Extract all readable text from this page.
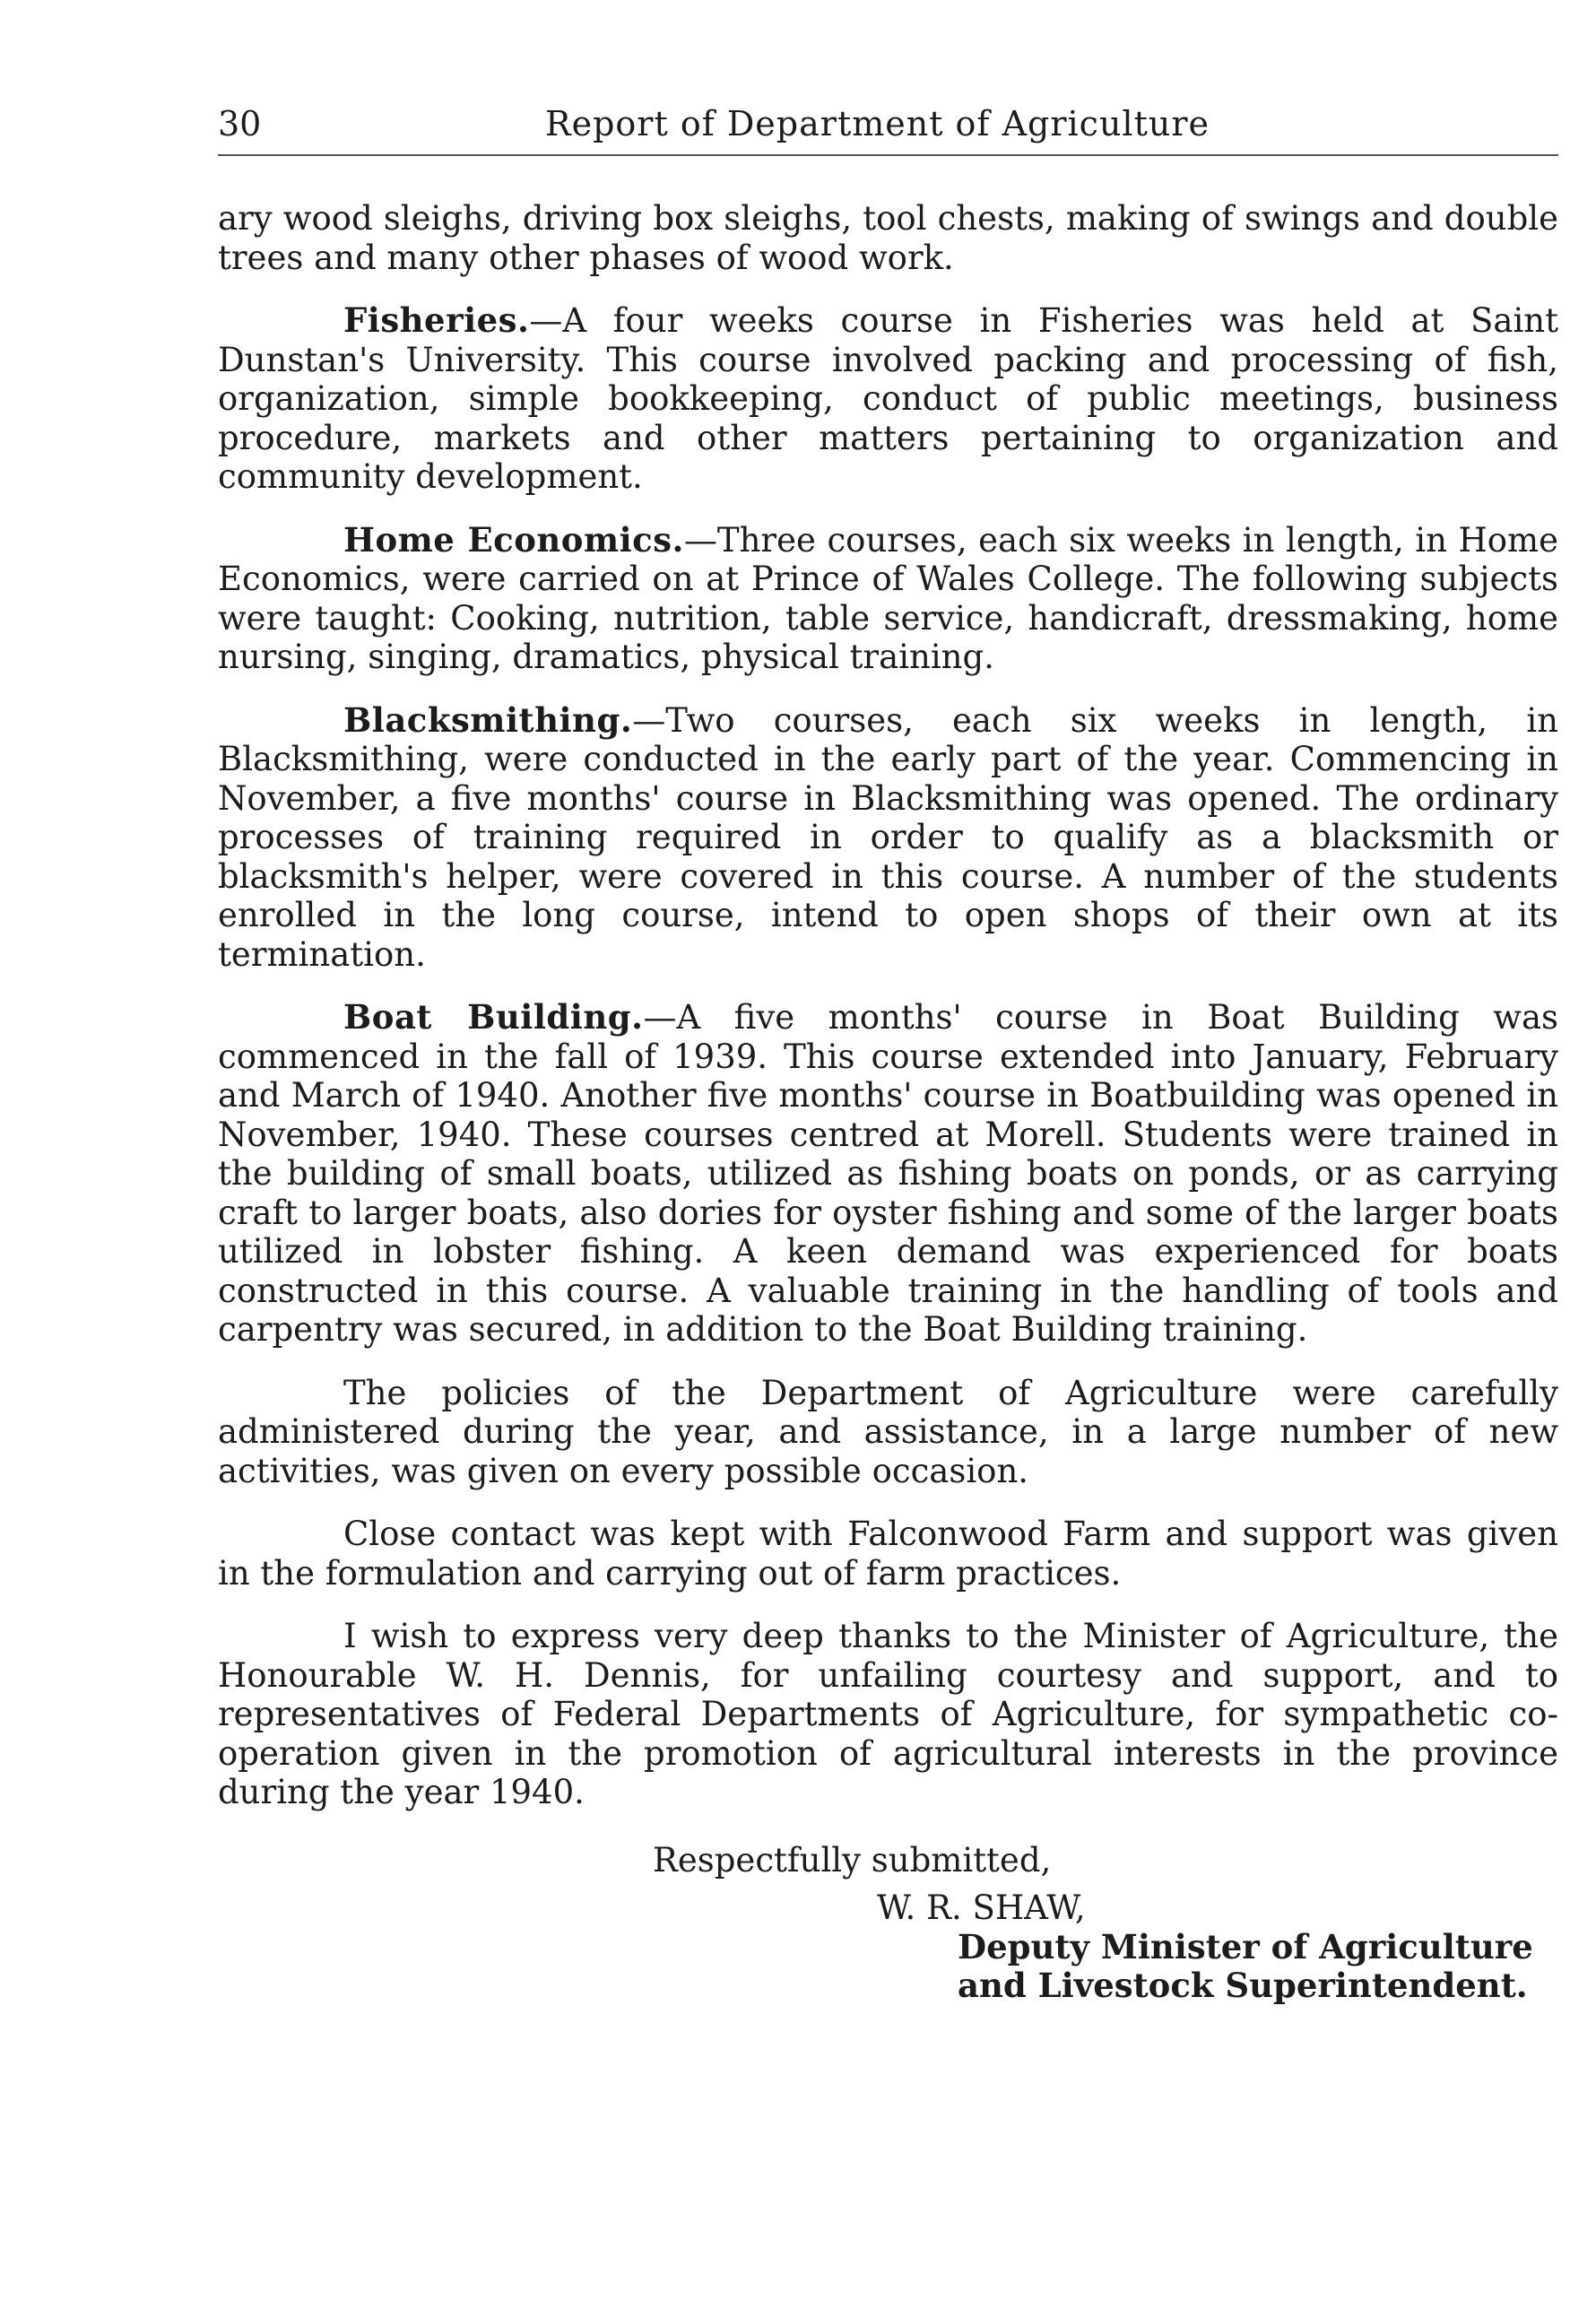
30	Report of Department of Agriculture

ary wood sleighs, driving box sleighs, tool chests, making of swings and double trees and many other phases of wood work.

Fisheries.—A four weeks course in Fisheries was held at Saint Dunstan's University. This course involved packing and processing of fish, organization, simple bookkeeping, conduct of public meetings, business procedure, markets and other matters pertaining to organization and community development.

Home Economics.—Three courses, each six weeks in length, in Home Economics, were carried on at Prince of Wales College. The following subjects were taught: Cooking, nutrition, table service, handicraft, dressmaking, home nursing, singing, dramatics, physical training.

Blacksmithing.—Two courses, each six weeks in length, in Blacksmithing, were conducted in the early part of the year. Commencing in November, a five months' course in Blacksmithing was opened. The ordinary processes of training required in order to qualify as a blacksmith or blacksmith's helper, were covered in this course. A number of the students enrolled in the long course, intend to open shops of their own at its termination.

Boat Building.—A five months' course in Boat Building was commenced in the fall of 1939. This course extended into January, February and March of 1940. Another five months' course in Boatbuilding was opened in November, 1940. These courses centred at Morell. Students were trained in the building of small boats, utilized as fishing boats on ponds, or as carrying craft to larger boats, also dories for oyster fishing and some of the larger boats utilized in lobster fishing. A keen demand was experienced for boats constructed in this course. A valuable training in the handling of tools and carpentry was secured, in addition to the Boat Building training.

The policies of the Department of Agriculture were carefully administered during the year, and assistance, in a large number of new activities, was given on every possible occasion.

Close contact was kept with Falconwood Farm and support was given in the formulation and carrying out of farm practices.

I wish to express very deep thanks to the Minister of Agriculture, the Honourable W. H. Dennis, for unfailing courtesy and support, and to representatives of Federal Departments of Agriculture, for sympathetic co-operation given in the promotion of agricultural interests in the province during the year 1940.

Respectfully submitted,
W. R. SHAW,
Deputy Minister of Agriculture
and Livestock Superintendent.
